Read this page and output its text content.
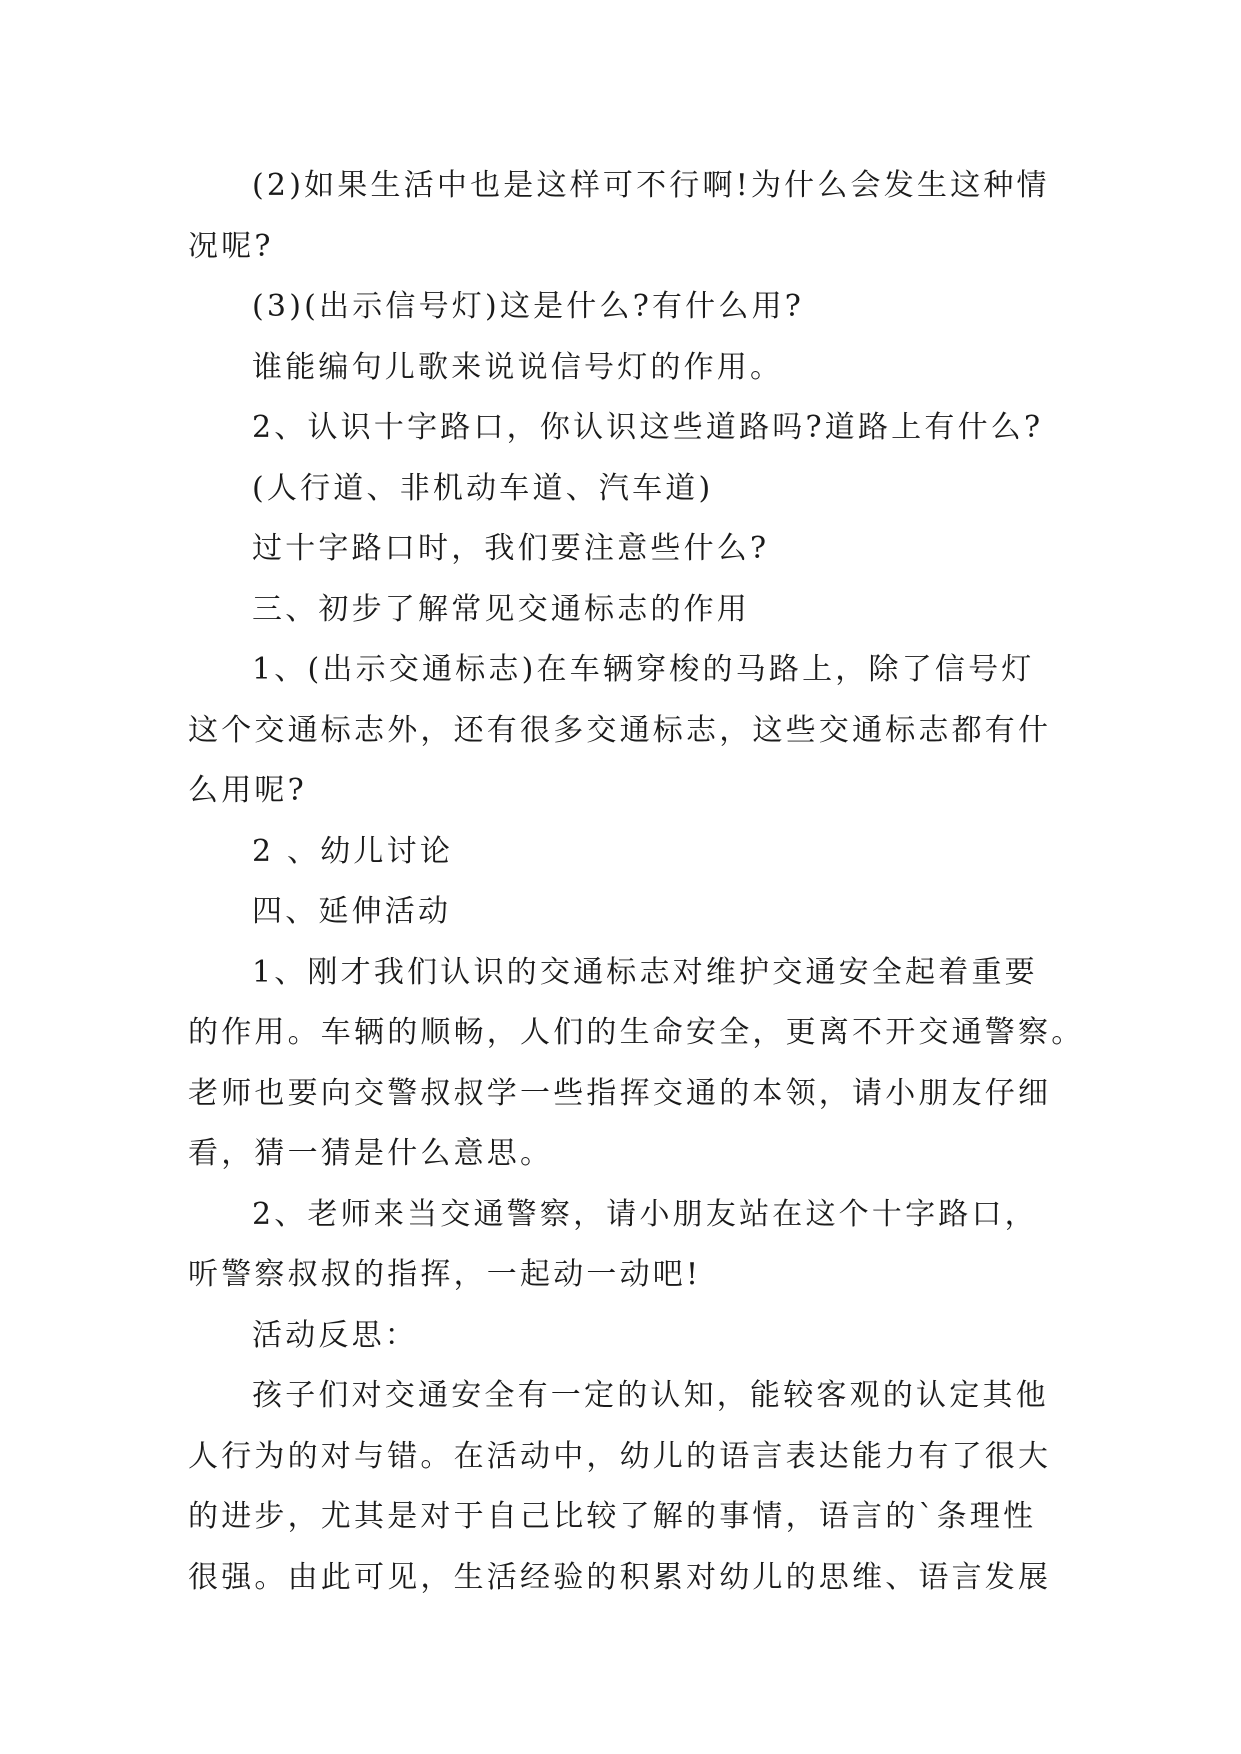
(2)如果生活中也是这样可不行啊!为什么会发生这种情
况呢?
(3)(出示信号灯)这是什么?有什么用?
谁能编句儿歌来说说信号灯的作用。
2、认识十字路口，你认识这些道路吗?道路上有什么?
(人行道、非机动车道、汽车道)
过十字路口时，我们要注意些什么?
三、初步了解常见交通标志的作用
1、(出示交通标志)在车辆穿梭的马路上，除了信号灯
这个交通标志外，还有很多交通标志，这些交通标志都有什
么用呢?
2 、幼儿讨论
四、延伸活动
1、刚才我们认识的交通标志对维护交通安全起着重要
的作用。车辆的顺畅，人们的生命安全，更离不开交通警察。
老师也要向交警叔叔学一些指挥交通的本领，请小朋友仔细
看，猜一猜是什么意思。
2、老师来当交通警察，请小朋友站在这个十字路口，
听警察叔叔的指挥，一起动一动吧!
活动反思：
孩子们对交通安全有一定的认知，能较客观的认定其他
人行为的对与错。在活动中，幼儿的语言表达能力有了很大
的进步，尤其是对于自己比较了解的事情，语言的`条理性
很强。由此可见，生活经验的积累对幼儿的思维、语言发展
